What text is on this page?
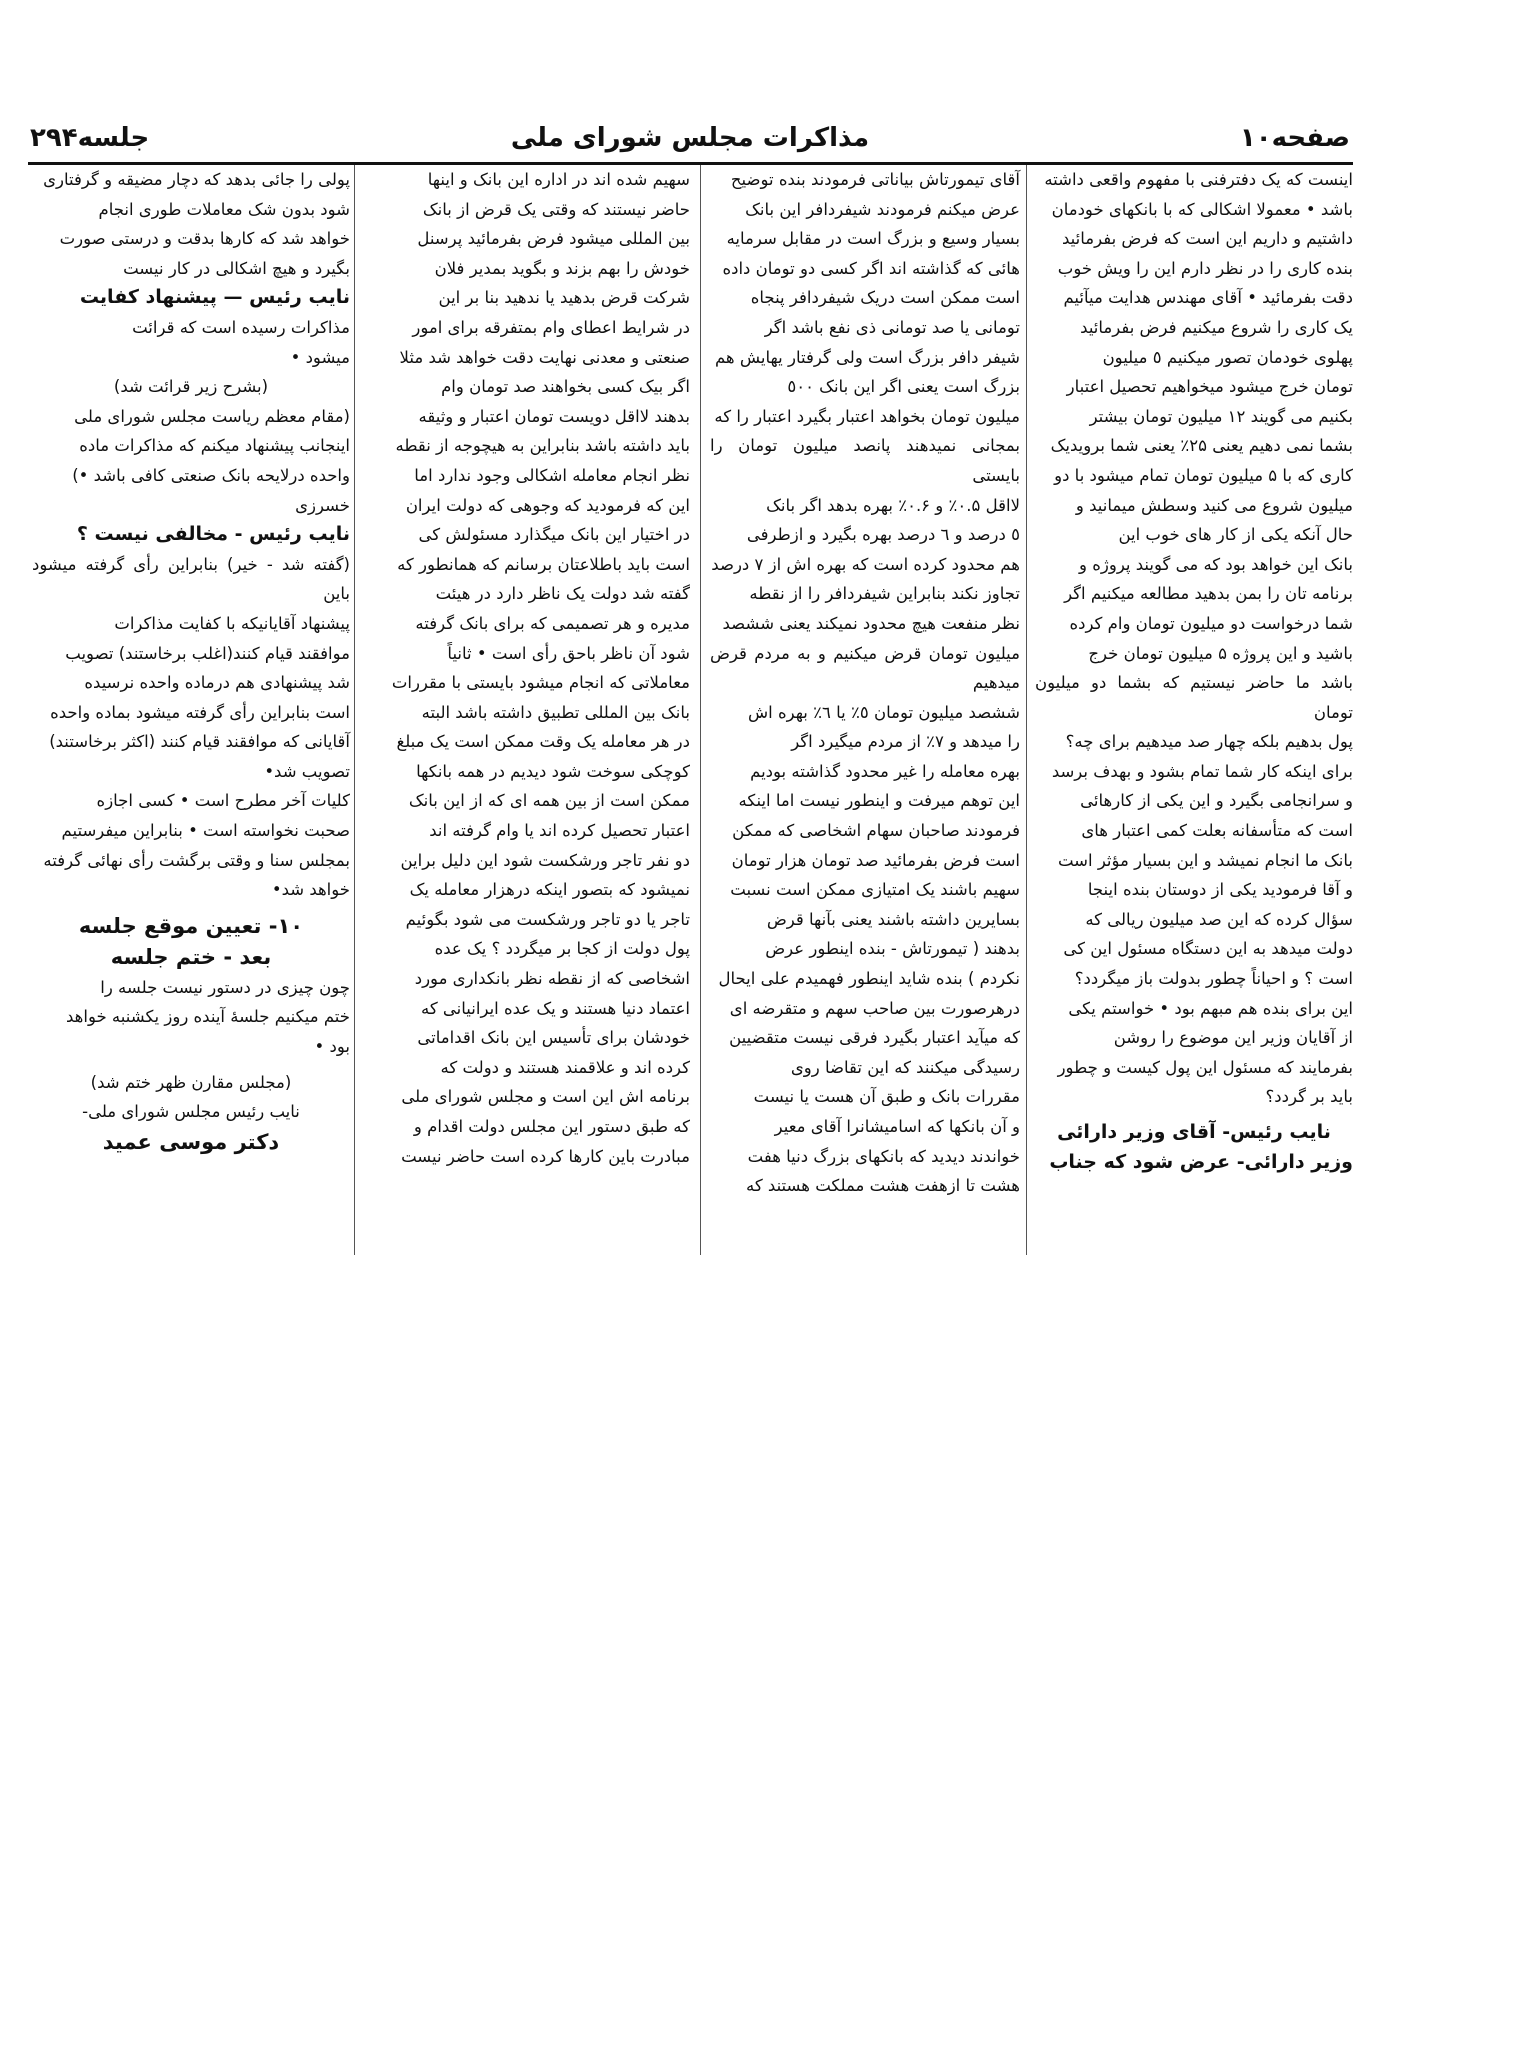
صفحه۱۰
مذاکرات مجلس شورای ملی
جلسه۲۹۴

اینست که یک دفترفنی با مفهوم واقعی داشته

باشد • معمولا اشکالی که با بانکهای خودمان

داشتیم و داریم این است که فرض بفرمائید

بنده کاری را در نظر دارم این را ویش خوب

دقت بفرمائید • آقای مهندس هدایت میآئیم

یک کاری را شروع میکنیم فرض بفرمائید

پهلوی خودمان تصور میکنیم ٥ میلیون

تومان خرج میشود میخواهیم تحصیل اعتبار

بکنیم می گویند ۱۲ میلیون تومان بیشتر

بشما نمی دهیم یعنی ۲۵٪ یعنی شما برویدیک

کاری که با ۵ میلیون تومان تمام میشود با دو

میلیون شروع می کنید وسطش میمانید و

حال آنکه یکی از کار های خوب این

بانک این خواهد بود که می گویند پروژه و

برنامه تان را بمن بدهید مطالعه میکنیم اگر

شما درخواست دو میلیون تومان وام کرده

باشید و این پروژه ۵ میلیون تومان خرج

باشد ما حاضر نیستیم که بشما دو میلیون تومان

پول بدهیم بلکه چهار صد میدهیم برای چه؟

برای اینکه کار شما تمام بشود و بهدف برسد

و سرانجامی بگیرد و این یکی از کارهائی

است که متأسفانه بعلت کمی اعتبار های

بانک ما انجام نمیشد و این بسیار مؤثر است

و آقا فرمودید یکی از دوستان بنده اینجا

سؤال کرده که این صد میلیون ریالی که

دولت میدهد به این دستگاه مسئول این کی

است ؟ و احیاناً چطور بدولت باز میگردد؟

این برای بنده هم مبهم بود • خواستم یکی

از آقایان وزیر این موضوع را روشن

بفرمایند که مسئول این پول کیست و چطور

باید بر گردد؟

نایب رئیس- آقای وزیر دارائی

وزیر دارائی- عرض شود که جناب

آقای تیمورتاش بیاناتی فرمودند بنده توضیح

عرض میکنم فرمودند شیفردافر این بانک

بسیار وسیع و بزرگ است در مقابل سرمایه

هائی که گذاشته اند اگر کسی دو تومان داده

است ممکن است دریک شیفردافر پنجاه

تومانی یا صد تومانی ذی نفع باشد اگر

شیفر دافر بزرگ است ولی گرفتار یهایش هم

بزرگ است یعنی اگر این بانک ٥٠٠

میلیون تومان بخواهد اعتبار بگیرد اعتبار را که

بمجانی نمیدهند پانصد میلیون تومان را بایستی

لااقل ۰.۵٪ و ۰.۶٪ بهره بدهد اگر بانک

٥ درصد و ٦ درصد بهره بگیرد و ازطرفی

هم محدود کرده است که بهره اش از ۷ درصد

تجاوز نکند بنابراین شیفردافر را از نقطه

نظر منفعت هیچ محدود نمیکند یعنی ششصد

میلیون تومان قرض میکنیم و به مردم قرض میدهیم

ششصد میلیون تومان ٥٪ یا ٦٪ بهره اش

را میدهد و ۷٪ از مردم میگیرد اگر

بهره معامله را غیر محدود گذاشته بودیم

این توهم میرفت و اینطور نیست اما اینکه

فرمودند صاحبان سهام اشخاصی که ممکن

است فرض بفرمائید صد تومان هزار تومان

سهیم باشند یک امتیازی ممکن است نسبت

بسایرین داشته باشند یعنی بآنها قرض

بدهند ( تیمورتاش - بنده اینطور عرض

نکردم ) بنده شاید اینطور فهمیدم علی ایحال

درهرصورت بین صاحب سهم و متقرضه ای

که میآید اعتبار بگیرد فرقی نیست متقضیین

رسیدگی میکنند که این تقاضا روی

مقررات بانک و طبق آن هست یا نیست

و آن بانکها که اسامیشانرا آقای معیر

خواندند دیدید که بانکهای بزرگ دنیا هفت

هشت تا ازهفت هشت مملکت هستند که

سهیم شده اند در اداره این بانک و اینها

حاضر نیستند که وقتی یک قرض از بانک

بین المللی میشود فرض بفرمائید پرسنل

خودش را بهم بزند و بگوید بمدیر فلان

شرکت قرض بدهید یا ندهید بنا بر این

در شرایط اعطای وام بمتفرقه برای امور

صنعتی و معدنی نهایت دقت خواهد شد مثلا

اگر بیک کسی بخواهند صد تومان وام

بدهند لااقل دویست تومان اعتبار و وثیقه

باید داشته باشد بنابراین به هیچوجه از نقطه

نظر انجام معامله اشکالی وجود ندارد اما

این که فرمودید که وجوهی که دولت ایران

در اختیار این بانک میگذارد مسئولش کی

است باید باطلاعتان برسانم که همانطور که

گفته شد دولت یک ناظر دارد در هیئت

مدیره و هر تصمیمی که برای بانک گرفته

شود آن ناظر باحق رأی است • ثانیاً

معاملاتی که انجام میشود بایستی با مقررات

بانک بین المللی تطبیق داشته باشد البته

در هر معامله یک وقت ممکن است یک مبلغ

کوچکی سوخت شود دیدیم در همه بانکها

ممکن است از بین همه ای که از این بانک

اعتبار تحصیل کرده اند یا وام گرفته اند

دو نفر تاجر ورشکست شود این دلیل براین

نمیشود که بتصور اینکه درهزار معامله یک

تاجر یا دو تاجر ورشکست می شود بگوئیم

پول دولت از کجا بر میگردد ؟ یک عده

اشخاصی که از نقطه نظر بانکداری مورد

اعتماد دنیا هستند و یک عده ایرانیانی که

خودشان برای تأسیس این بانک اقداماتی

کرده اند و علاقمند هستند و دولت که

برنامه اش این است و مجلس شورای ملی

که طبق دستور این مجلس دولت اقدام و

مبادرت باین کارها کرده است حاضر نیست

پولی را جائی بدهد که دچار مضیقه و گرفتاری

شود بدون شک معاملات طوری انجام

خواهد شد که کارها بدقت و درستی صورت

بگیرد و هیچ اشکالی در کار نیست

نایب رئیس — پیشنهاد کفایت

مذاکرات رسیده است که قرائت

میشود •

(بشرح زیر قرائت شد)

(مقام معظم ریاست مجلس شورای ملی

اینجانب پیشنهاد میکنم که مذاکرات ماده

واحده درلایحه بانک صنعتی کافی باشد •)

خسرزی

نایب رئیس - مخالفی نیست ؟

(گفته شد - خیر) بنابراین رأی گرفته میشود باین

پیشنهاد آقایانیکه با کفایت مذاکرات

موافقند قیام کنند(اغلب برخاستند) تصویب

شد پیشنهادی هم درماده واحده نرسیده

است بنابراین رأی گرفته میشود بماده واحده

آقایانی که موافقند قیام کنند (اکثر برخاستند)

تصویب شد•

کلیات آخر مطرح است • کسی اجازه

صحبت نخواسته است • بنابراین میفرستیم

بمجلس سنا و وقتی برگشت رأی نهائی گرفته

خواهد شد•

۱۰- تعیین موقع جلسه

بعد - ختم جلسه

چون چیزی در دستور نیست جلسه را

ختم میکنیم جلسهٔ آینده روز یکشنبه خواهد

بود •

(مجلس مقارن ظهر ختم شد)

نایب رئیس مجلس شورای ملی-

دکتر موسی عمید
